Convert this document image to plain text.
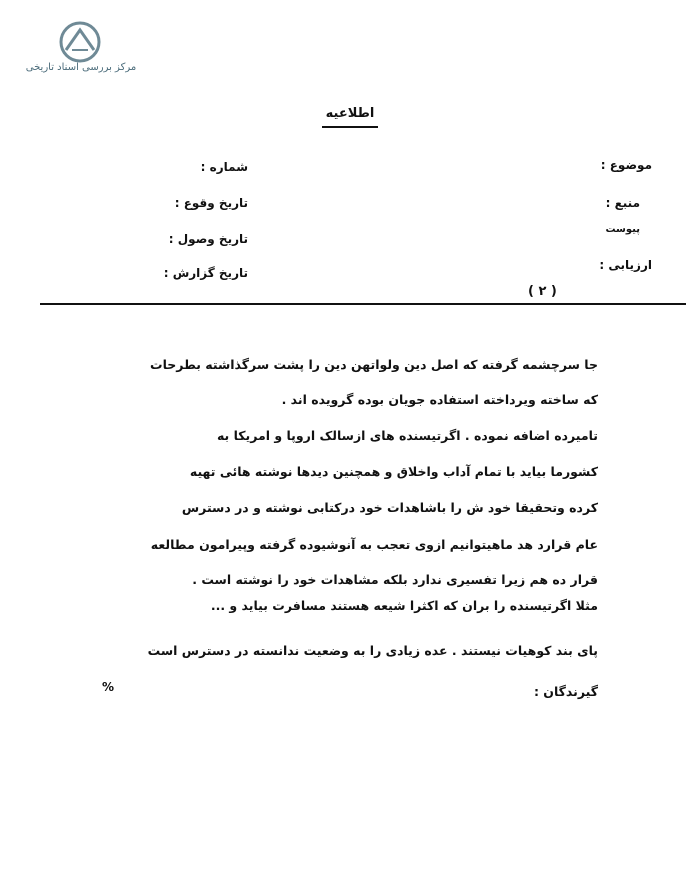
مرکز بررسی اسناد تاریخی
اطلاعیه
موضوع :
منبع :
پیوست
ارزیابی :
شماره :
تاریخ وقوع :
تاریخ وصول :
تاریخ گزارش :
( ۲ )
جا سرچشمه گرفته که اصل دین ولواتهن دین را پشت سرگذاشته بطرحات
که ساخته ویرداخته استفاده جویان بوده گرویده اند .
تامیرده اضافه نموده . اگرتیسنده های ازسالک اروپا و امریکا به
کشورما بیاید با تمام آداب واخلاق و همچنین دیدها نوشته هائی تهیه
کرده وتحقیقا خود ش را باشاهدات خود درکتابی نوشته و در دسترس
عام قرارد هد ماهیتوانیم ازوی تعجب به آنوشیوده گرفته وپیرامون مطالعه
قرار ده هم زیرا تفسیری ندارد بلکه مشاهدات خود را نوشته است .
مثلا اگرتیسنده را بران که اکثرا شیعه هستند مسافرت بیاید و ...
پای بند کوهیات نیستند . عده زیادی را به وضعیت ندانسته در دسترس است
گیرندگان :
%
